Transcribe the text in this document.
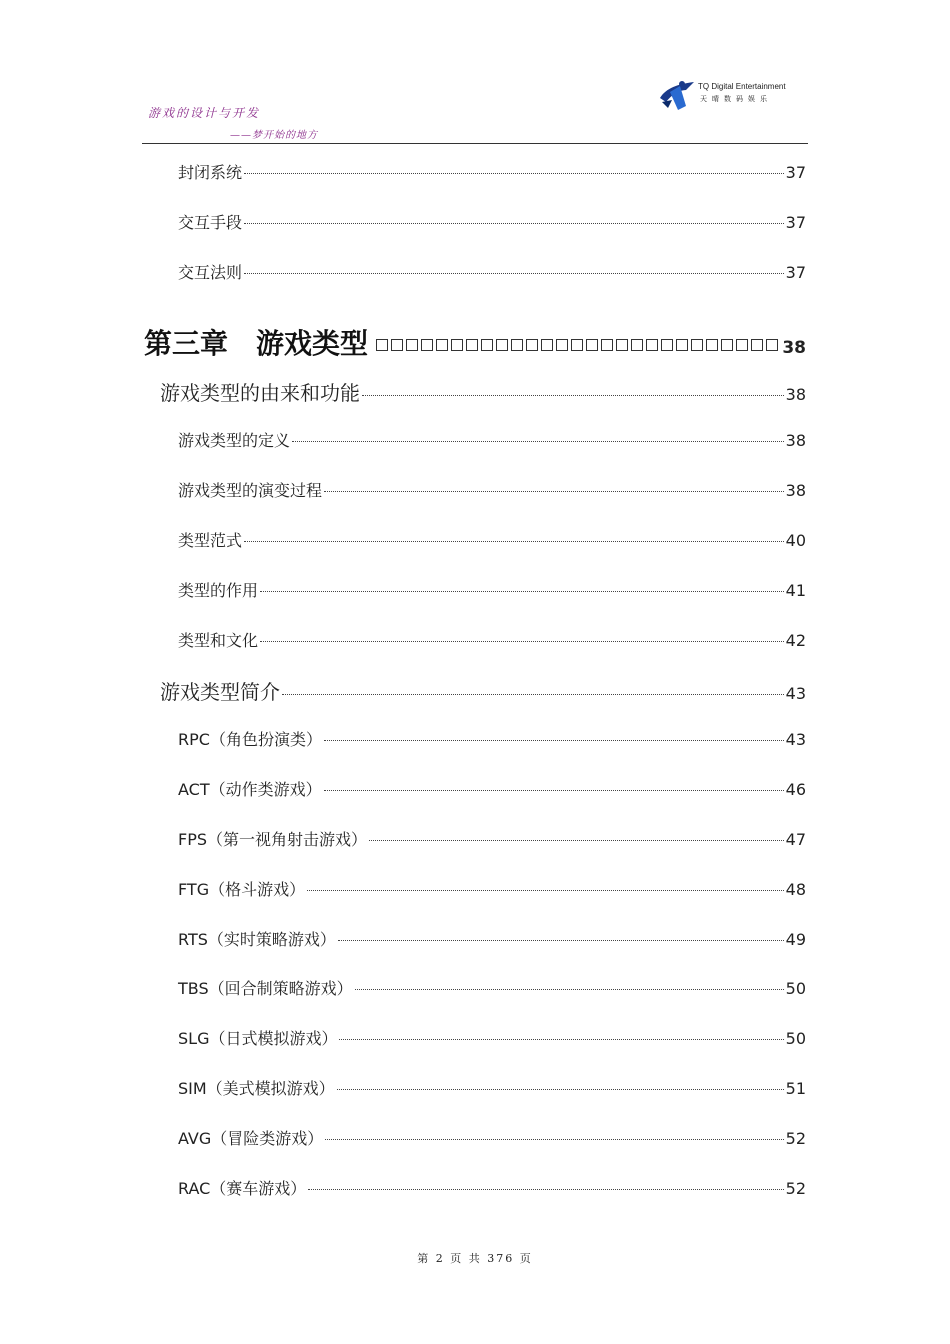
游戏的设计与开发
——梦开始的地方
TQ Digital Entertainment
天晴数码娱乐
封闭系统	37
交互手段	37
交互法则	37
第三章 游戏类型	38
游戏类型的由来和功能	38
游戏类型的定义	38
游戏类型的演变过程	38
类型范式	40
类型的作用	41
类型和文化	42
游戏类型简介	43
RPC（角色扮演类）	43
ACT（动作类游戏）	46
FPS（第一视角射击游戏）	47
FTG（格斗游戏）	48
RTS（实时策略游戏）	49
TBS（回合制策略游戏）	50
SLG（日式模拟游戏）	50
SIM（美式模拟游戏）	51
AVG（冒险类游戏）	52
RAC（赛车游戏）	52
第 2 页 共 376 页
